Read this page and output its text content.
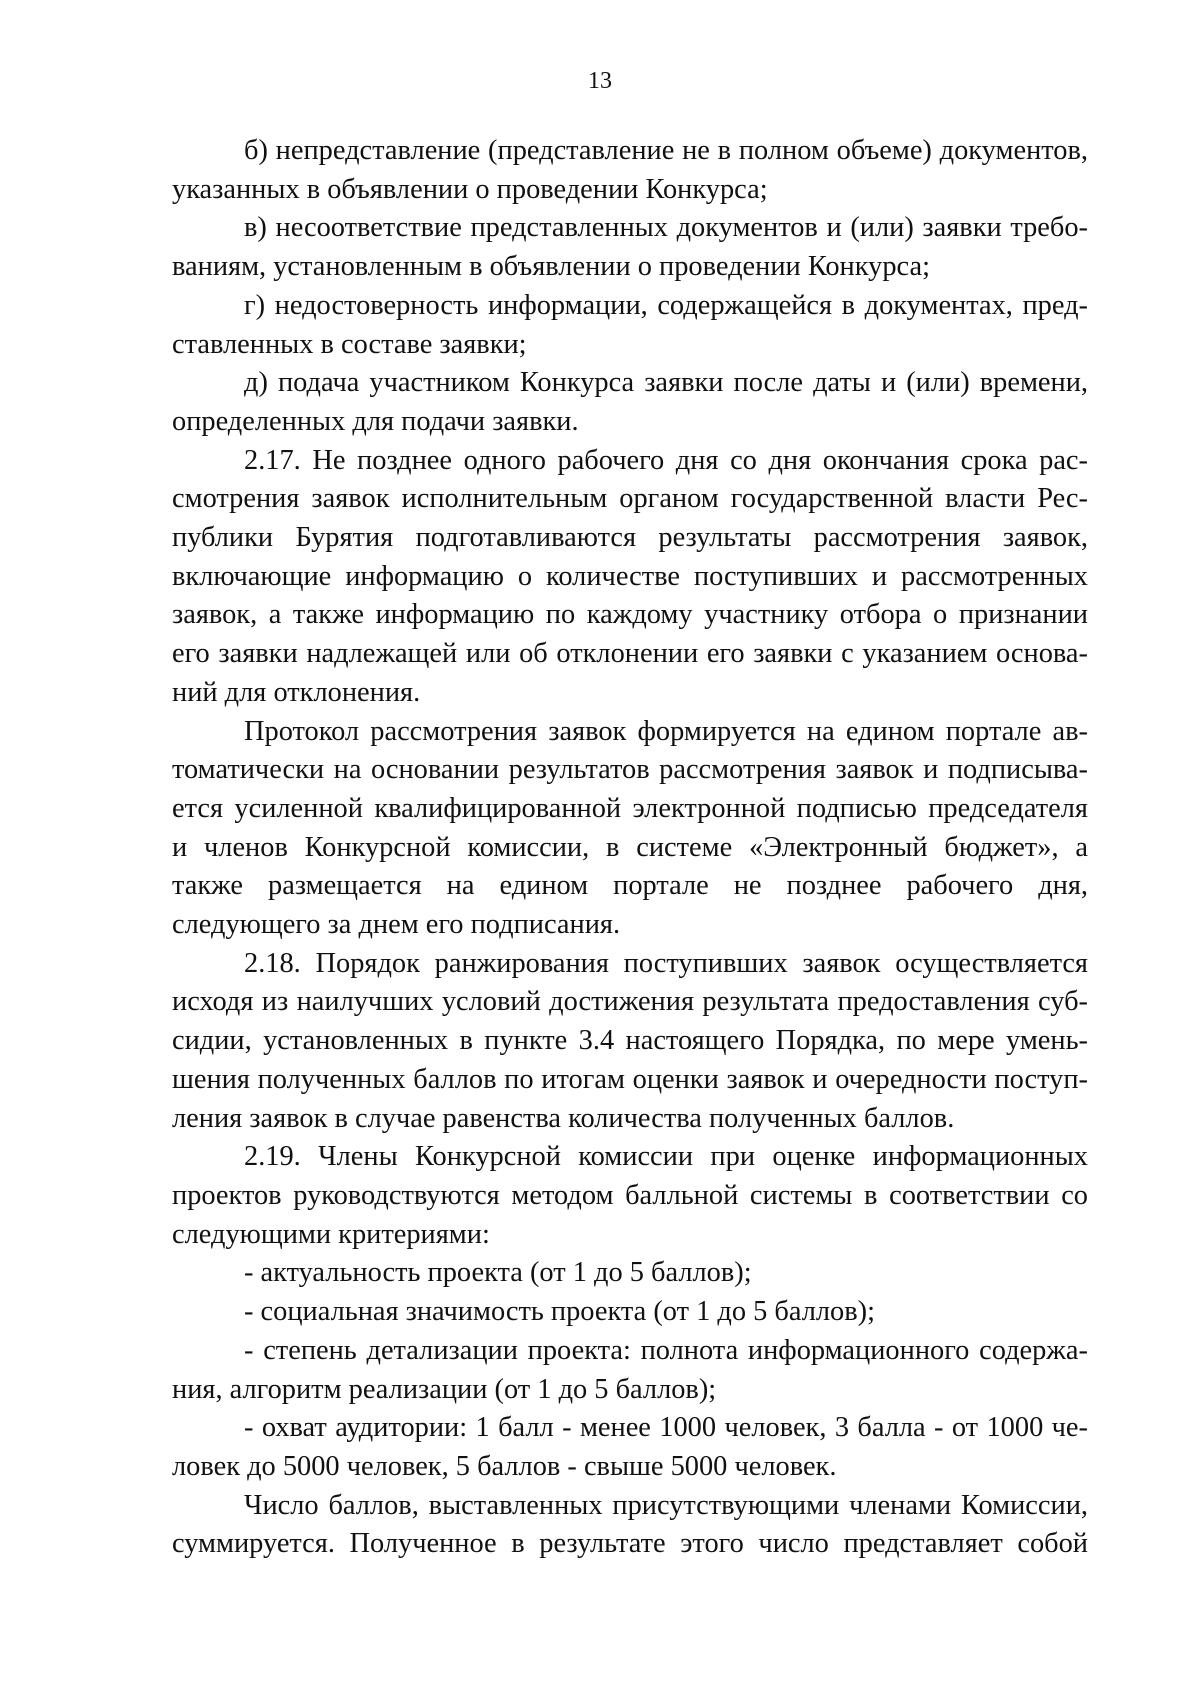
13

б) непредставление (представление не в полном объеме) документов, указанных в объявлении о проведении Конкурса;

в) несоответствие представленных документов и (или) заявки требованиям, установленным в объявлении о проведении Конкурса;

г) недостоверность информации, содержащейся в документах, представленных в составе заявки;

д) подача участником Конкурса заявки после даты и (или) времени, определенных для подачи заявки.

2.17. Не позднее одного рабочего дня со дня окончания срока рассмотрения заявок исполнительным органом государственной власти Республики Бурятия подготавливаются результаты рассмотрения заявок, включающие информацию о количестве поступивших и рассмотренных заявок, а также информацию по каждому участнику отбора о признании его заявки надлежащей или об отклонении его заявки с указанием оснований для отклонения.

Протокол рассмотрения заявок формируется на едином портале автоматически на основании результатов рассмотрения заявок и подписывается усиленной квалифицированной электронной подписью председателя и членов Конкурсной комиссии, в системе «Электронный бюджет», а также размещается на едином портале не позднее рабочего дня, следующего за днем его подписания.

2.18. Порядок ранжирования поступивших заявок осуществляется исходя из наилучших условий достижения результата предоставления субсидии, установленных в пункте 3.4 настоящего Порядка, по мере уменьшения полученных баллов по итогам оценки заявок и очередности поступления заявок в случае равенства количества полученных баллов.

2.19. Члены Конкурсной комиссии при оценке информационных проектов руководствуются методом балльной системы в соответствии со следующими критериями:

- актуальность проекта (от 1 до 5 баллов);

- социальная значимость проекта (от 1 до 5 баллов);

- степень детализации проекта: полнота информационного содержания, алгоритм реализации (от 1 до 5 баллов);

- охват аудитории: 1 балл - менее 1000 человек, 3 балла - от 1000 человек до 5000 человек, 5 баллов - свыше 5000 человек.

Число баллов, выставленных присутствующими членами Комиссии, суммируется. Полученное в результате этого число представляет собой
